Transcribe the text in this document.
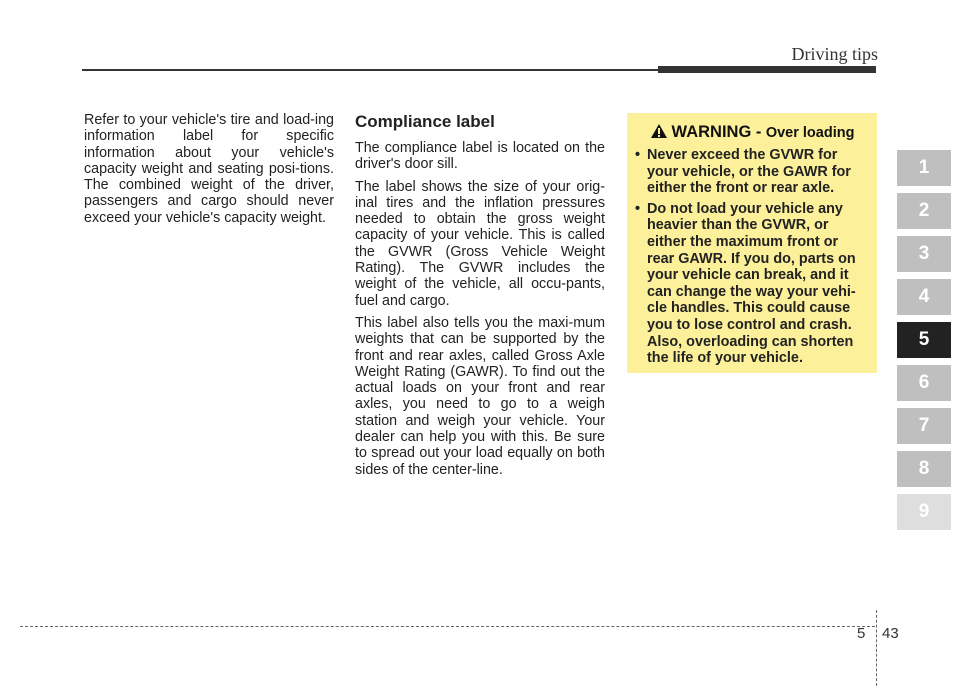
Driving tips

Refer to your vehicle's tire and load-ing information label for specific information about your vehicle's capacity weight and seating posi-tions. The combined weight of the driver, passengers and cargo should never exceed your vehicle's capacity weight.

Compliance label

The compliance label is located on the driver's door sill.

The label shows the size of your orig-inal tires and the inflation pressures needed to obtain the gross weight capacity of your vehicle. This is called the GVWR (Gross Vehicle Weight Rating). The GVWR includes the weight of the vehicle, all occu-pants, fuel and cargo.

This label also tells you the maxi-mum weights that can be supported by the front and rear axles, called Gross Axle Weight Rating (GAWR). To find out the actual loads on your front and rear axles, you need to go to a weigh station and weigh your vehicle. Your dealer can help you with this. Be sure to spread out your load equally on both sides of the center-line.

WARNING - Over loading
• Never exceed the GVWR for your vehicle, or the GAWR for either the front or rear axle.
• Do not load your vehicle any heavier than the GVWR, or either the maximum front or rear GAWR. If you do, parts on your vehicle can break, and it can change the way your vehi-cle handles. This could cause you to lose control and crash. Also, overloading can shorten the life of your vehicle.
1
2
3
4
5
6
7
8
9
5 43
